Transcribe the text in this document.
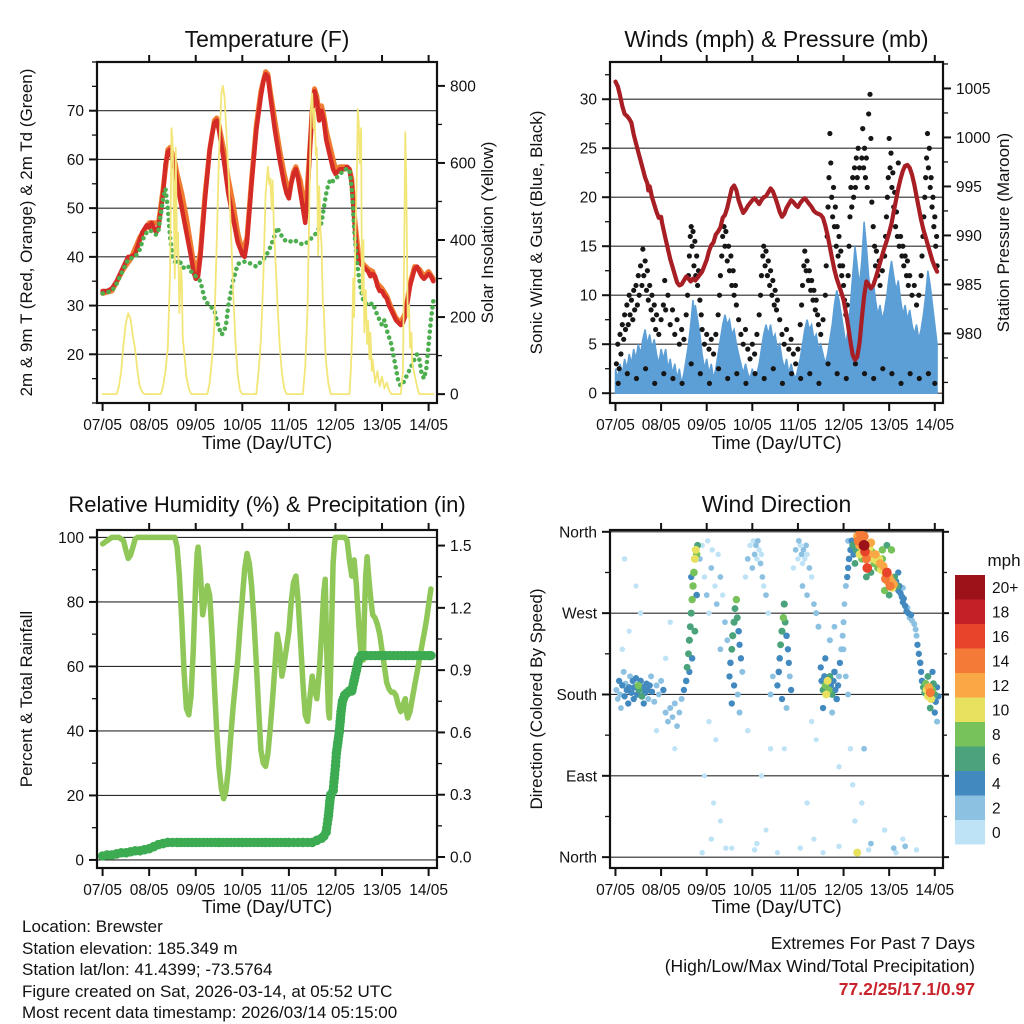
20
30
40
50
60
70
0
200
400
600
800
07/05 08/05 09/05 10/05 11/05 12/05 13/05 14/05
Temperature (F)
Time (Day/UTC)
2m & 9m T (Red, Orange) & 2m Td (Green)	Solar Insolation (Yellow)
0
5
10
15
20
25
30
980
985
990
995
1000
1005
07/05 08/05 09/05 10/05 11/05 12/05 13/05 14/05
Winds (mph) & Pressure (mb)
Time (Day/UTC)
Sonic Wind & Gust (Blue, Black)	Station Pressure (Maroon)
0
20
40
60
80
100
0.0
0.3
0.6
0.9
1.2
1.5
07/05 08/05 09/05 10/05 11/05 12/05 13/05 14/05
Relative Humidity (%) & Precipitation (in)
Time (Day/UTC)
Percent & Total Rainfall
North
West
South
East
North
07/05 08/05 09/05 10/05 11/05 12/05 13/05 14/05
Wind Direction
Time (Day/UTC)
Direction (Colored By Speed)
mph
20+
18
16
14
12
10
8
6
4
2
0
Location: Brewster
Station elevation: 185.349 m
Station lat/lon: 41.4399; -73.5764
Figure created on Sat, 2026-03-14, at 05:52 UTC
Most recent data timestamp: 2026/03/14 05:15:00
Extremes For Past 7 Days
(High/Low/Max Wind/Total Precipitation)
77.2/25/17.1/0.97
